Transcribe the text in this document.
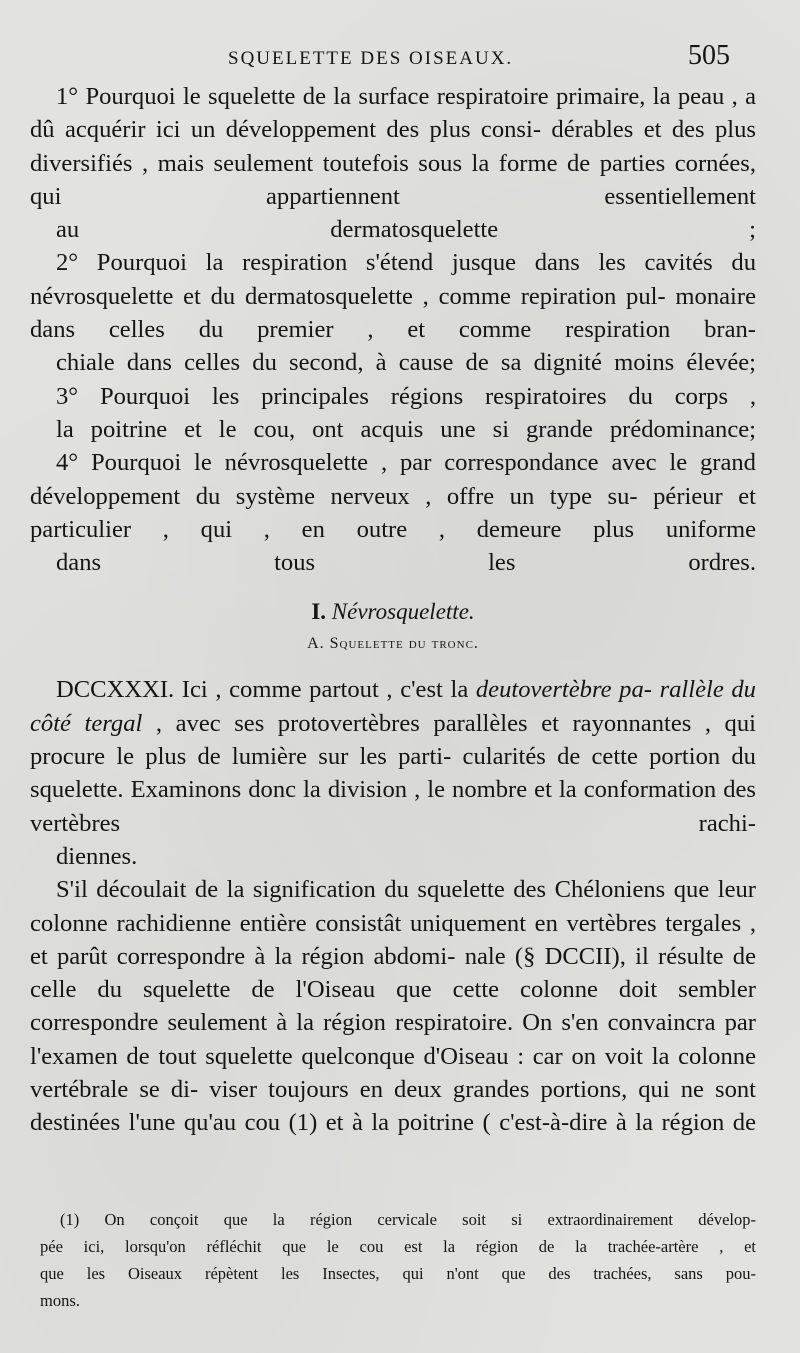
SQUELETTE DES OISEAUX.	505

1° Pourquoi le squelette de la surface respiratoire primaire, la peau , a dû acquérir ici un développement des plus consi- dérables et des plus diversifiés , mais seulement toutefois sous la forme de parties cornées, qui appartiennent essentiellement
au dermatosquelette ;

2° Pourquoi la respiration s'étend jusque dans les cavités du névrosquelette et du dermatosquelette , comme repiration pul- monaire dans celles du premier , et comme respiration bran-
chiale dans celles du second, à cause de sa dignité moins élevée;

3° Pourquoi les principales régions respiratoires du corps ,
la poitrine et le cou, ont acquis une si grande prédominance;

4° Pourquoi le névrosquelette , par correspondance avec le grand développement du système nerveux , offre un type su- périeur et particulier , qui , en outre , demeure plus uniforme
dans tous les ordres.

I. Névrosquelette.
A. Squelette du tronc.

DCCXXXI. Ici , comme partout , c'est la deutovertèbre pa- rallèle du côté tergal , avec ses protovertèbres parallèles et rayonnantes , qui procure le plus de lumière sur les parti- cularités de cette portion du squelette. Examinons donc la division , le nombre et la conformation des vertèbres rachi-
diennes.

S'il découlait de la signification du squelette des Chéloniens que leur colonne rachidienne entière consistât uniquement en vertèbres tergales , et parût correspondre à la région abdomi- nale (§ DCCII), il résulte de celle du squelette de l'Oiseau que cette colonne doit sembler correspondre seulement à la région respiratoire. On s'en convaincra par l'examen de tout squelette quelconque d'Oiseau : car on voit la colonne vertébrale se di- viser toujours en deux grandes portions, qui ne sont destinées l'une qu'au cou (1) et à la poitrine ( c'est-à-dire à la région de

(1) On conçoit que la région cervicale soit si extraordinairement dévelop-
pée ici, lorsqu'on réfléchit que le cou est la région de la trachée-artère , et
que les Oiseaux répètent les Insectes, qui n'ont que des trachées, sans pou-
mons.
